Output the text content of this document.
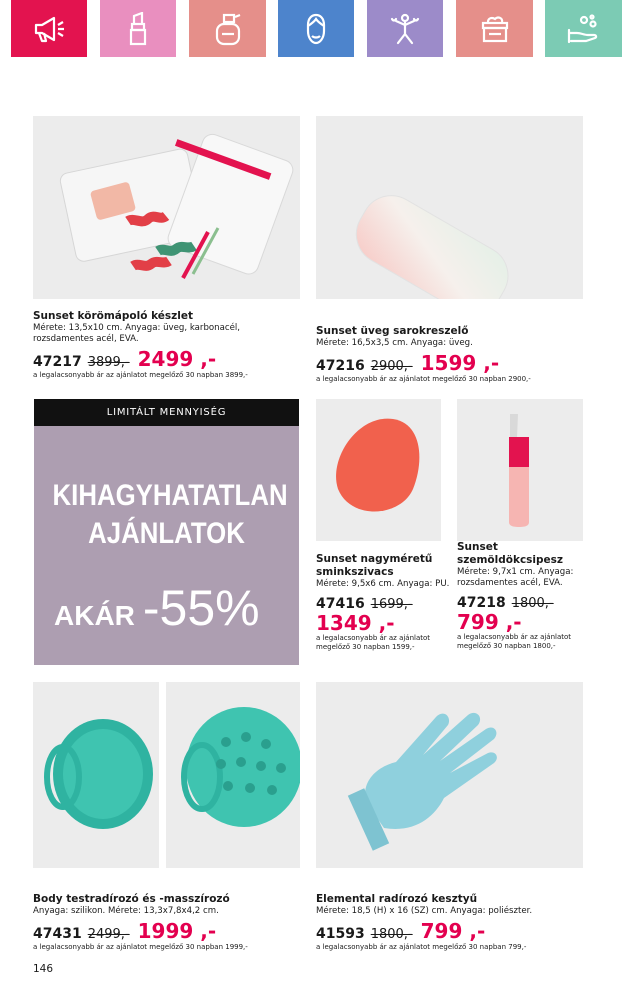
Sunset körömápoló készlet
Mérete: 13,5x10 cm. Anyaga: üveg, karbonacél, rozsdamentes acél, EVA.
47217 3899,- 2499 ,-
a legalacsonyabb ár az ajánlatot megelőző 30 napban 3899,-
Sunset üveg sarokreszelő
Mérete: 16,5x3,5 cm. Anyaga: üveg.
47216 2900,- 1599 ,-
a legalacsonyabb ár az ajánlatot megelőző 30 napban 2900,-
LIMITÁLT MENNYISÉG
KIHAGYHATATLAN
AJÁNLATOK
AKÁR -55%
Sunset nagyméretű sminkszivacs
Mérete: 9,5x6 cm. Anyaga: PU.
47416 1699,-
1349 ,-
a legalacsonyabb ár az ajánlatot megelőző 30 napban 1599,-
Sunset szemöldökcsipesz
Mérete: 9,7x1 cm. Anyaga: rozsdamentes acél, EVA.
47218 1800,-
799 ,-
a legalacsonyabb ár az ajánlatot megelőző 30 napban 1800,-
Body testradírozó és -masszírozó
Anyaga: szilikon. Mérete: 13,3x7,8x4,2 cm.
47431 2499,- 1999 ,-
a legalacsonyabb ár az ajánlatot megelőző 30 napban 1999,-
Elemental radírozó kesztyű
Mérete: 18,5 (H) x 16 (SZ) cm. Anyaga: poliészter.
41593 1800,- 799 ,-
a legalacsonyabb ár az ajánlatot megelőző 30 napban 799,-
146
